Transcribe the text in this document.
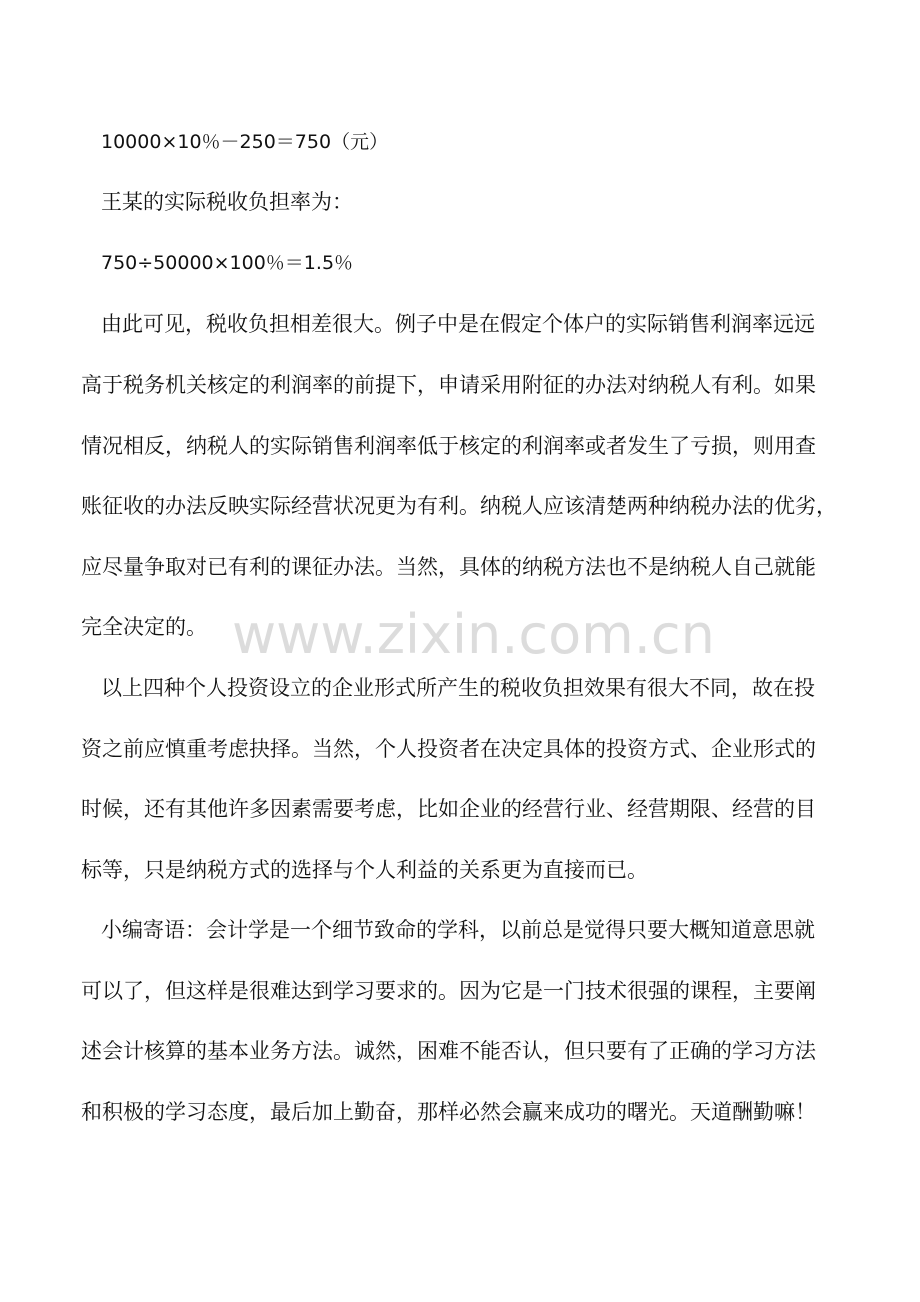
10000×10％－250＝750（元）
王某的实际税收负担率为：
750÷50000×100％＝1.5％
由此可见，税收负担相差很大。例子中是在假定个体户的实际销售利润率远远
高于税务机关核定的利润率的前提下，申请采用附征的办法对纳税人有利。如果
情况相反，纳税人的实际销售利润率低于核定的利润率或者发生了亏损，则用查
账征收的办法反映实际经营状况更为有利。纳税人应该清楚两种纳税办法的优劣，
应尽量争取对已有利的课征办法。当然，具体的纳税方法也不是纳税人自己就能
完全决定的。 www.zixin.com.cn
以上四种个人投资设立的企业形式所产生的税收负担效果有很大不同，故在投
资之前应慎重考虑抉择。当然，个人投资者在决定具体的投资方式、企业形式的
时候，还有其他许多因素需要考虑，比如企业的经营行业、经营期限、经营的目
标等，只是纳税方式的选择与个人利益的关系更为直接而已。
小编寄语：会计学是一个细节致命的学科，以前总是觉得只要大概知道意思就
可以了，但这样是很难达到学习要求的。因为它是一门技术很强的课程，主要阐
述会计核算的基本业务方法。诚然，困难不能否认，但只要有了正确的学习方法
和积极的学习态度，最后加上勤奋，那样必然会赢来成功的曙光。天道酬勤嘛！
